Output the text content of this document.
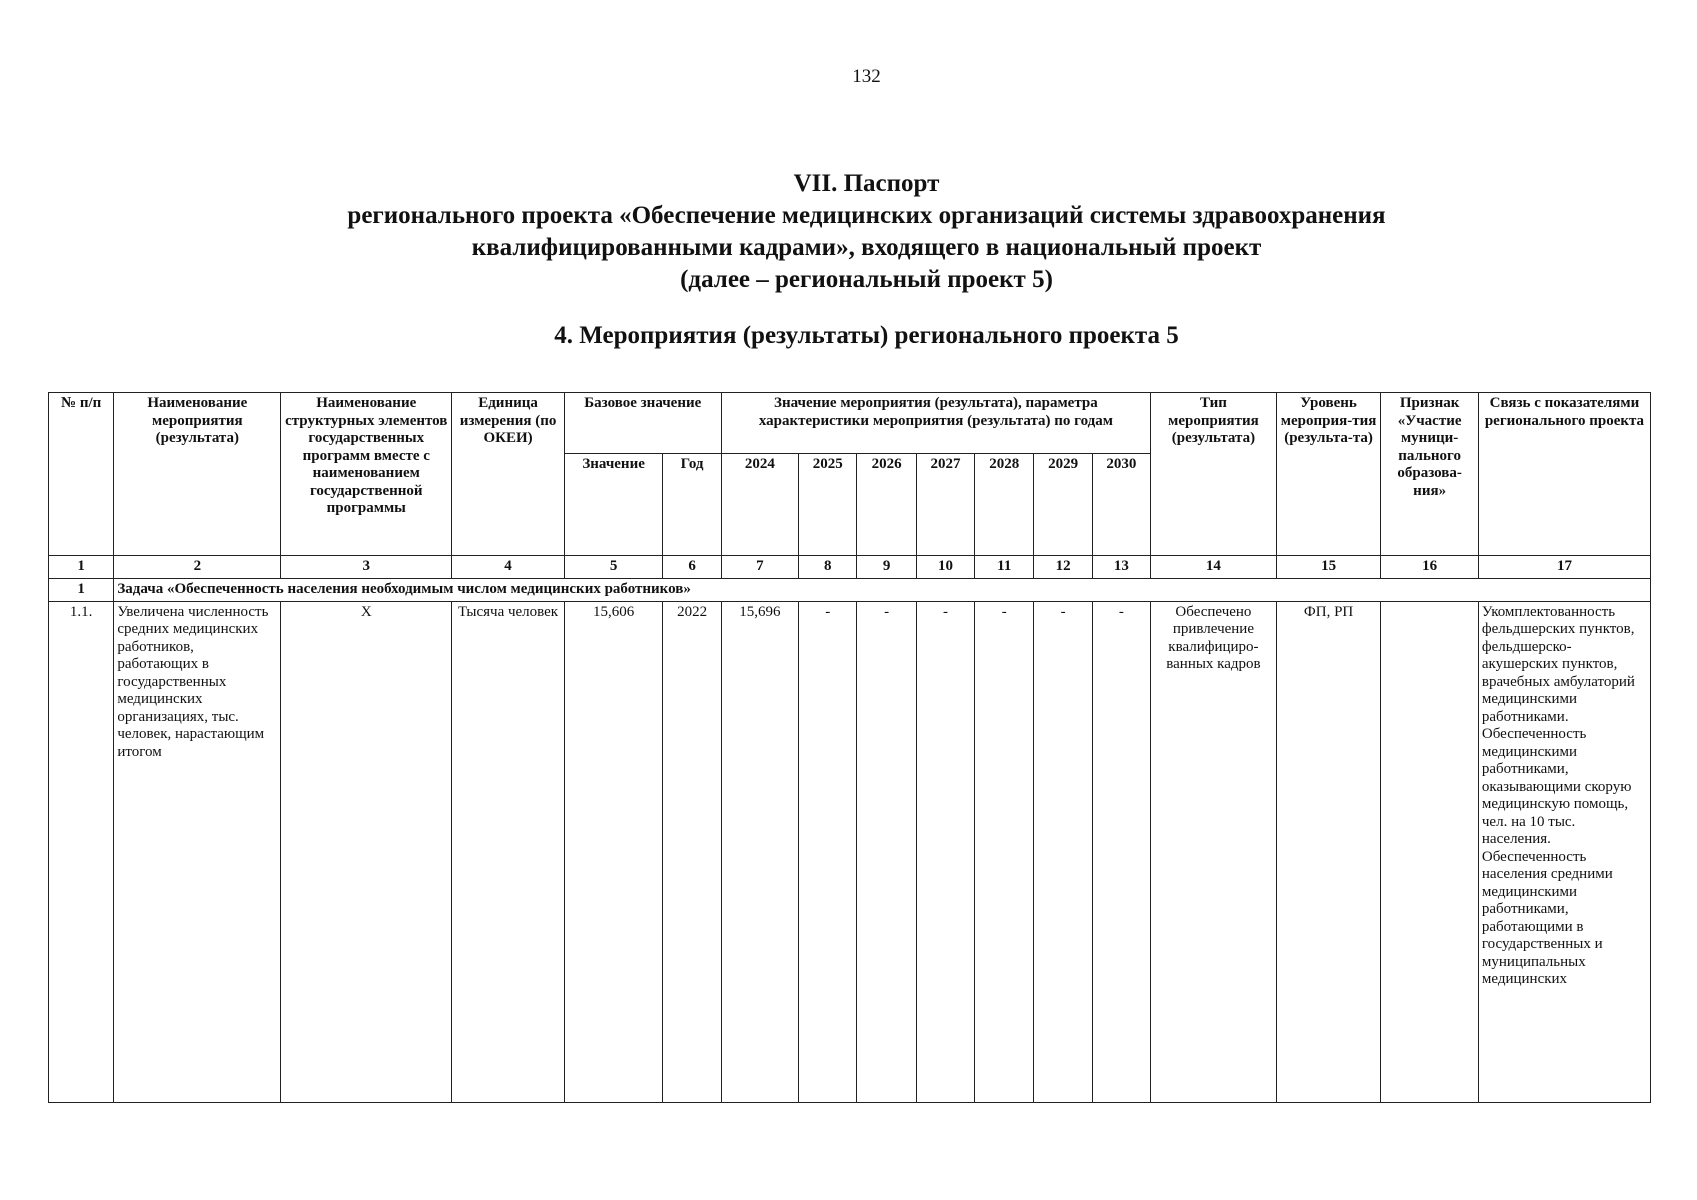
132
VII. Паспорт
регионального проекта «Обеспечение медицинских организаций системы здравоохранения
квалифицированными кадрами», входящего в национальный проект
(далее – региональный проект 5)
4. Мероприятия (результаты) регионального проекта 5
№ п/п	Наименование мероприятия (результата)	Наименование структурных элементов государственных программ вместе с наименованием государственной программы	Единица измерения (по ОКЕИ)	Базовое значение		Значение мероприятия (результата), параметра характеристики мероприятия (результата) по годам							Тип мероприятия (результата)	Уровень мероприя-тия (результа-та)	Признак «Участие муници-пального образова-ния»	Связь с показателями регионального проекта
				Значение	Год	2024	2025	2026	2027	2028	2029	2030				
1	2	3	4	5	6	7	8	9	10	11	12	13	14	15	16	17
1	Задача «Обеспеченность населения необходимым числом медицинских работников»															
1.1.	Увеличена численность средних медицинских работников, работающих в государственных медицинских организациях, тыс. человек, нарастающим итогом	Х	Тысяча человек	15,606	2022	15,696	-	-	-	-	-	-	Обеспечено привлечение квалифициро-ванных кадров	ФП, РП		Укомплектованность фельдшерских пунктов, фельдшерско-акушерских пунктов, врачебных амбулаторий медицинскими работниками. Обеспеченность медицинскими работниками, оказывающими скорую медицинскую помощь, чел. на 10 тыс. населения. Обеспеченность населения средними медицинскими работниками, работающими в государственных и муниципальных медицинских
